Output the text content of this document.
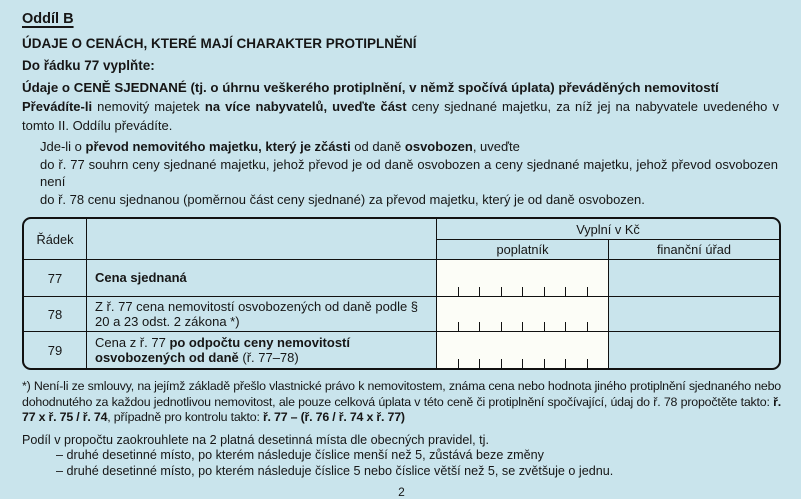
Oddíl B
ÚDAJE O CENÁCH, KTERÉ MAJÍ CHARAKTER PROTIPLNĚNÍ
Do řádku 77 vyplňte:
Údaje o CENĚ SJEDNANÉ (tj. o úhrnu veškerého protiplnění, v němž spočívá úplata) převáděných nemovitostí

Převádíte-li nemovitý majetek na více nabyvatelů, uveďte část ceny sjednané majetku, za níž jej na nabyvatele uvedeného v tomto II. Oddílu převádíte.

Jde-li o převod nemovitého majetku, který je zčásti od daně osvobozen, uveďte
do ř. 77 souhrn ceny sjednané majetku, jehož převod je od daně osvobozen a ceny sjednané majetku, jehož převod osvobozen není
do ř. 78 cenu sjednanou (poměrnou část ceny sjednané) za převod majetku, který je od daně osvobozen.
Řádek
Vyplní v Kč
poplatník	finanční úřad
77	Cena sjednaná
78
Z ř. 77 cena nemovitostí osvobozených od daně podle § 20 a 23 odst. 2 zákona *)
79
Cena z ř. 77 po odpočtu ceny nemovitostí osvobozených od daně (ř. 77–78)

*) Není-li ze smlouvy, na jejímž základě přešlo vlastnické právo k nemovitostem, známa cena nebo hodnota jiného protiplnění sjednaného nebo dohodnutého za každou jednotlivou nemovitost, ale pouze celková úplata v této ceně či protiplnění spočívající, údaj do ř. 78 propočtěte takto: ř. 77 x ř. 75 / ř. 74, případně pro kontrolu takto: ř. 77 – (ř. 76 / ř. 74 x ř. 77)

Podíl v propočtu zaokrouhlete na 2 platná desetinná místa dle obecných pravidel, tj.
– druhé desetinné místo, po kterém následuje číslice menší než 5, zůstává beze změny
– druhé desetinné místo, po kterém následuje číslice 5 nebo číslice větší než 5, se zvětšuje o jednu.
2
